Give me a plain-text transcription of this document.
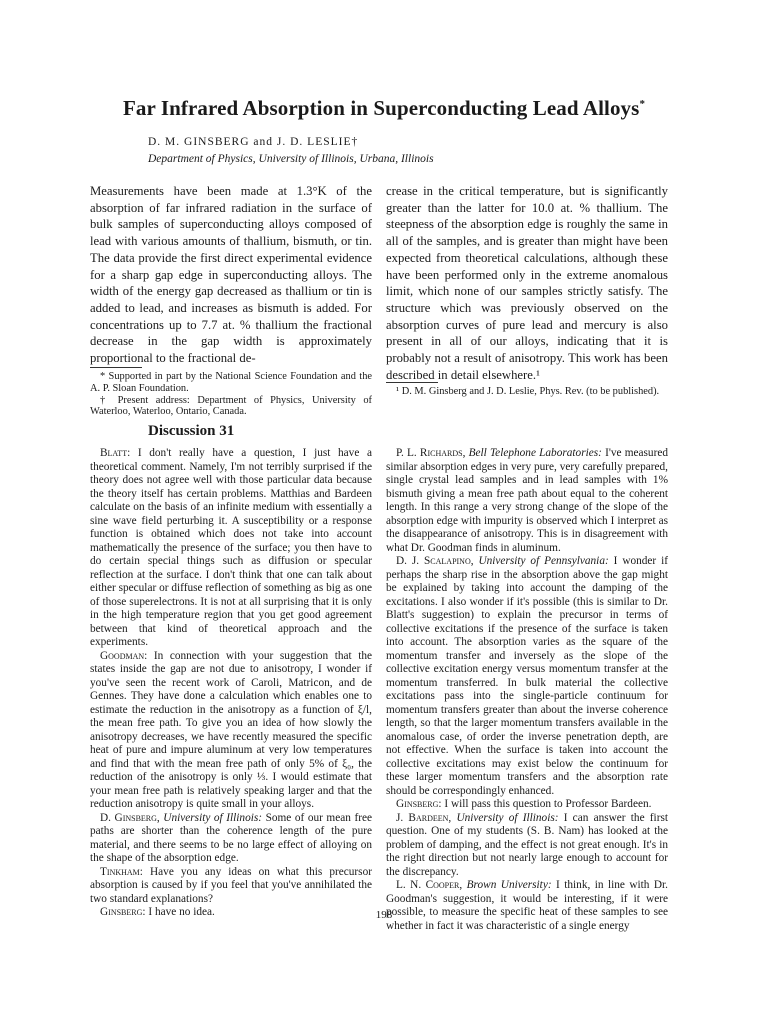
Far Infrared Absorption in Superconducting Lead Alloys*
D. M. GINSBERG and J. D. LESLIE†
Department of Physics, University of Illinois, Urbana, Illinois

Measurements have been made at 1.3°K of the absorption of far infrared radiation in the surface of bulk samples of superconducting alloys composed of lead with various amounts of thallium, bismuth, or tin. The data provide the first direct experimental evidence for a sharp gap edge in superconducting alloys. The width of the energy gap decreased as thallium or tin is added to lead, and increases as bismuth is added. For concentrations up to 7.7 at. % thallium the fractional decrease in the gap width is approximately proportional to the fractional de-

crease in the critical temperature, but is significantly greater than the latter for 10.0 at. % thallium. The steepness of the absorption edge is roughly the same in all of the samples, and is greater than might have been expected from theoretical calculations, although these have been performed only in the extreme anomalous limit, which none of our samples strictly satisfy. The structure which was previously observed on the absorption curves of pure lead and mercury is also present in all of our alloys, indicating that it is probably not a result of anisotropy. This work has been described in detail elsewhere.¹

* Supported in part by the National Science Foundation and the A. P. Sloan Foundation.

† Present address: Department of Physics, University of Waterloo, Waterloo, Ontario, Canada.

¹ D. M. Ginsberg and J. D. Leslie, Phys. Rev. (to be published).

Discussion 31

Blatt: I don't really have a question, I just have a theoretical comment. Namely, I'm not terribly surprised if the theory does not agree well with those particular data because the theory itself has certain problems. Matthias and Bardeen calculate on the basis of an infinite medium with essentially a sine wave field perturbing it. A susceptibility or a response function is obtained which does not take into account mathematically the presence of the surface; you then have to do certain special things such as diffusion or specular reflection at the surface. I don't think that one can talk about either specular or diffuse reflection of something as big as one of those superelectrons. It is not at all surprising that it is only in the high temperature region that you get good agreement between that kind of theoretical approach and the experiments.

Goodman: In connection with your suggestion that the states inside the gap are not due to anisotropy, I wonder if you've seen the recent work of Caroli, Matricon, and de Gennes. They have done a calculation which enables one to estimate the reduction in the anisotropy as a function of ξ/l, the mean free path. To give you an idea of how slowly the anisotropy decreases, we have recently measured the specific heat of pure and impure aluminum at very low temperatures and find that with the mean free path of only 5% of ξ₀, the reduction of the anisotropy is only ⅓. I would estimate that your mean free path is relatively speaking larger and that the reduction anisotropy is quite small in your alloys.

D. Ginsberg, University of Illinois: Some of our mean free paths are shorter than the coherence length of the pure material, and there seems to be no large effect of alloying on the shape of the absorption edge.

Tinkham: Have you any ideas on what this precursor absorption is caused by if you feel that you've annihilated the two standard explanations?

Ginsberg: I have no idea.

P. L. Richards, Bell Telephone Laboratories: I've measured similar absorption edges in very pure, very carefully prepared, single crystal lead samples and in lead samples with 1% bismuth giving a mean free path about equal to the coherent length. In this range a very strong change of the slope of the absorption edge with impurity is observed which I interpret as the disappearance of anisotropy. This is in disagreement with what Dr. Goodman finds in aluminum.

D. J. Scalapino, University of Pennsylvania: I wonder if perhaps the sharp rise in the absorption above the gap might be explained by taking into account the damping of the excitations. I also wonder if it's possible (this is similar to Dr. Blatt's suggestion) to explain the precursor in terms of collective excitations if the presence of the surface is taken into account. The absorption varies as the square of the momentum transfer and inversely as the slope of the collective excitation energy versus momentum transfer at the momentum transferred. In bulk material the collective excitations pass into the single-particle continuum for momentum transfers greater than about the inverse coherence length, so that the larger momentum transfers available in the anomalous case, of order the inverse penetration depth, are not effective. When the surface is taken into account the collective excitations may exist below the continuum for these larger momentum transfers and the absorption rate should be correspondingly enhanced.

Ginsberg: I will pass this question to Professor Bardeen.

J. Bardeen, University of Illinois: I can answer the first question. One of my students (S. B. Nam) has looked at the problem of damping, and the effect is not great enough. It's in the right direction but not nearly large enough to account for the discrepancy.

L. N. Cooper, Brown University: I think, in line with Dr. Goodman's suggestion, it would be interesting, if it were possible, to measure the specific heat of these samples to see whether in fact it was characteristic of a single energy

198
